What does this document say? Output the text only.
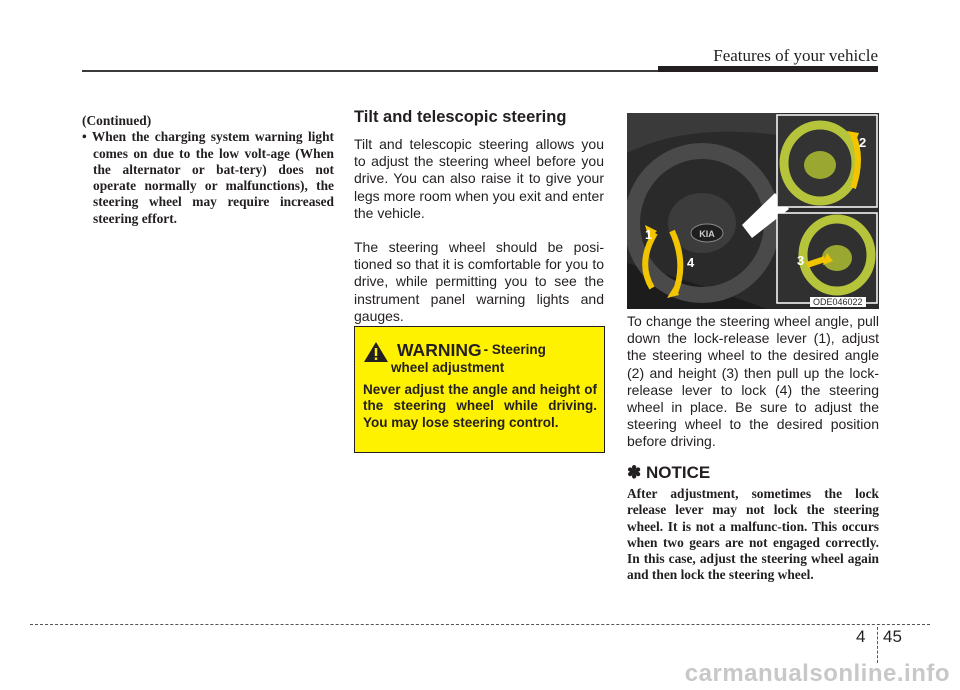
Features of your vehicle

(Continued)

• When the charging system warning light comes on due to the low volt-age (When the alternator or bat-tery) does not operate normally or malfunctions), the steering wheel may require increased steering effort.

Tilt and telescopic steering

Tilt and telescopic steering allows you to adjust the steering wheel before you drive. You can also raise it to give your legs more room when you exit and enter the vehicle.

The steering wheel should be posi-tioned so that it is comfortable for you to drive, while permitting you to see the instrument panel warning lights and gauges.

WARNING - Steering
wheel adjustment
Never adjust the angle and height of the steering wheel while driving. You may lose steering control.
KIA
1
2
3
4
ODE046022

To change the steering wheel angle, pull down the lock-release lever (1), adjust the steering wheel to the desired angle (2) and height (3) then pull up the lock-release lever to lock (4) the steering wheel in place. Be sure to adjust the steering wheel to the desired position before driving.

✽ NOTICE

After adjustment, sometimes the lock release lever may not lock the steering wheel. It is not a malfunc-tion. This occurs when two gears are not engaged correctly. In this case, adjust the steering wheel again and then lock the steering wheel.

4 45
carmanualsonline.info
